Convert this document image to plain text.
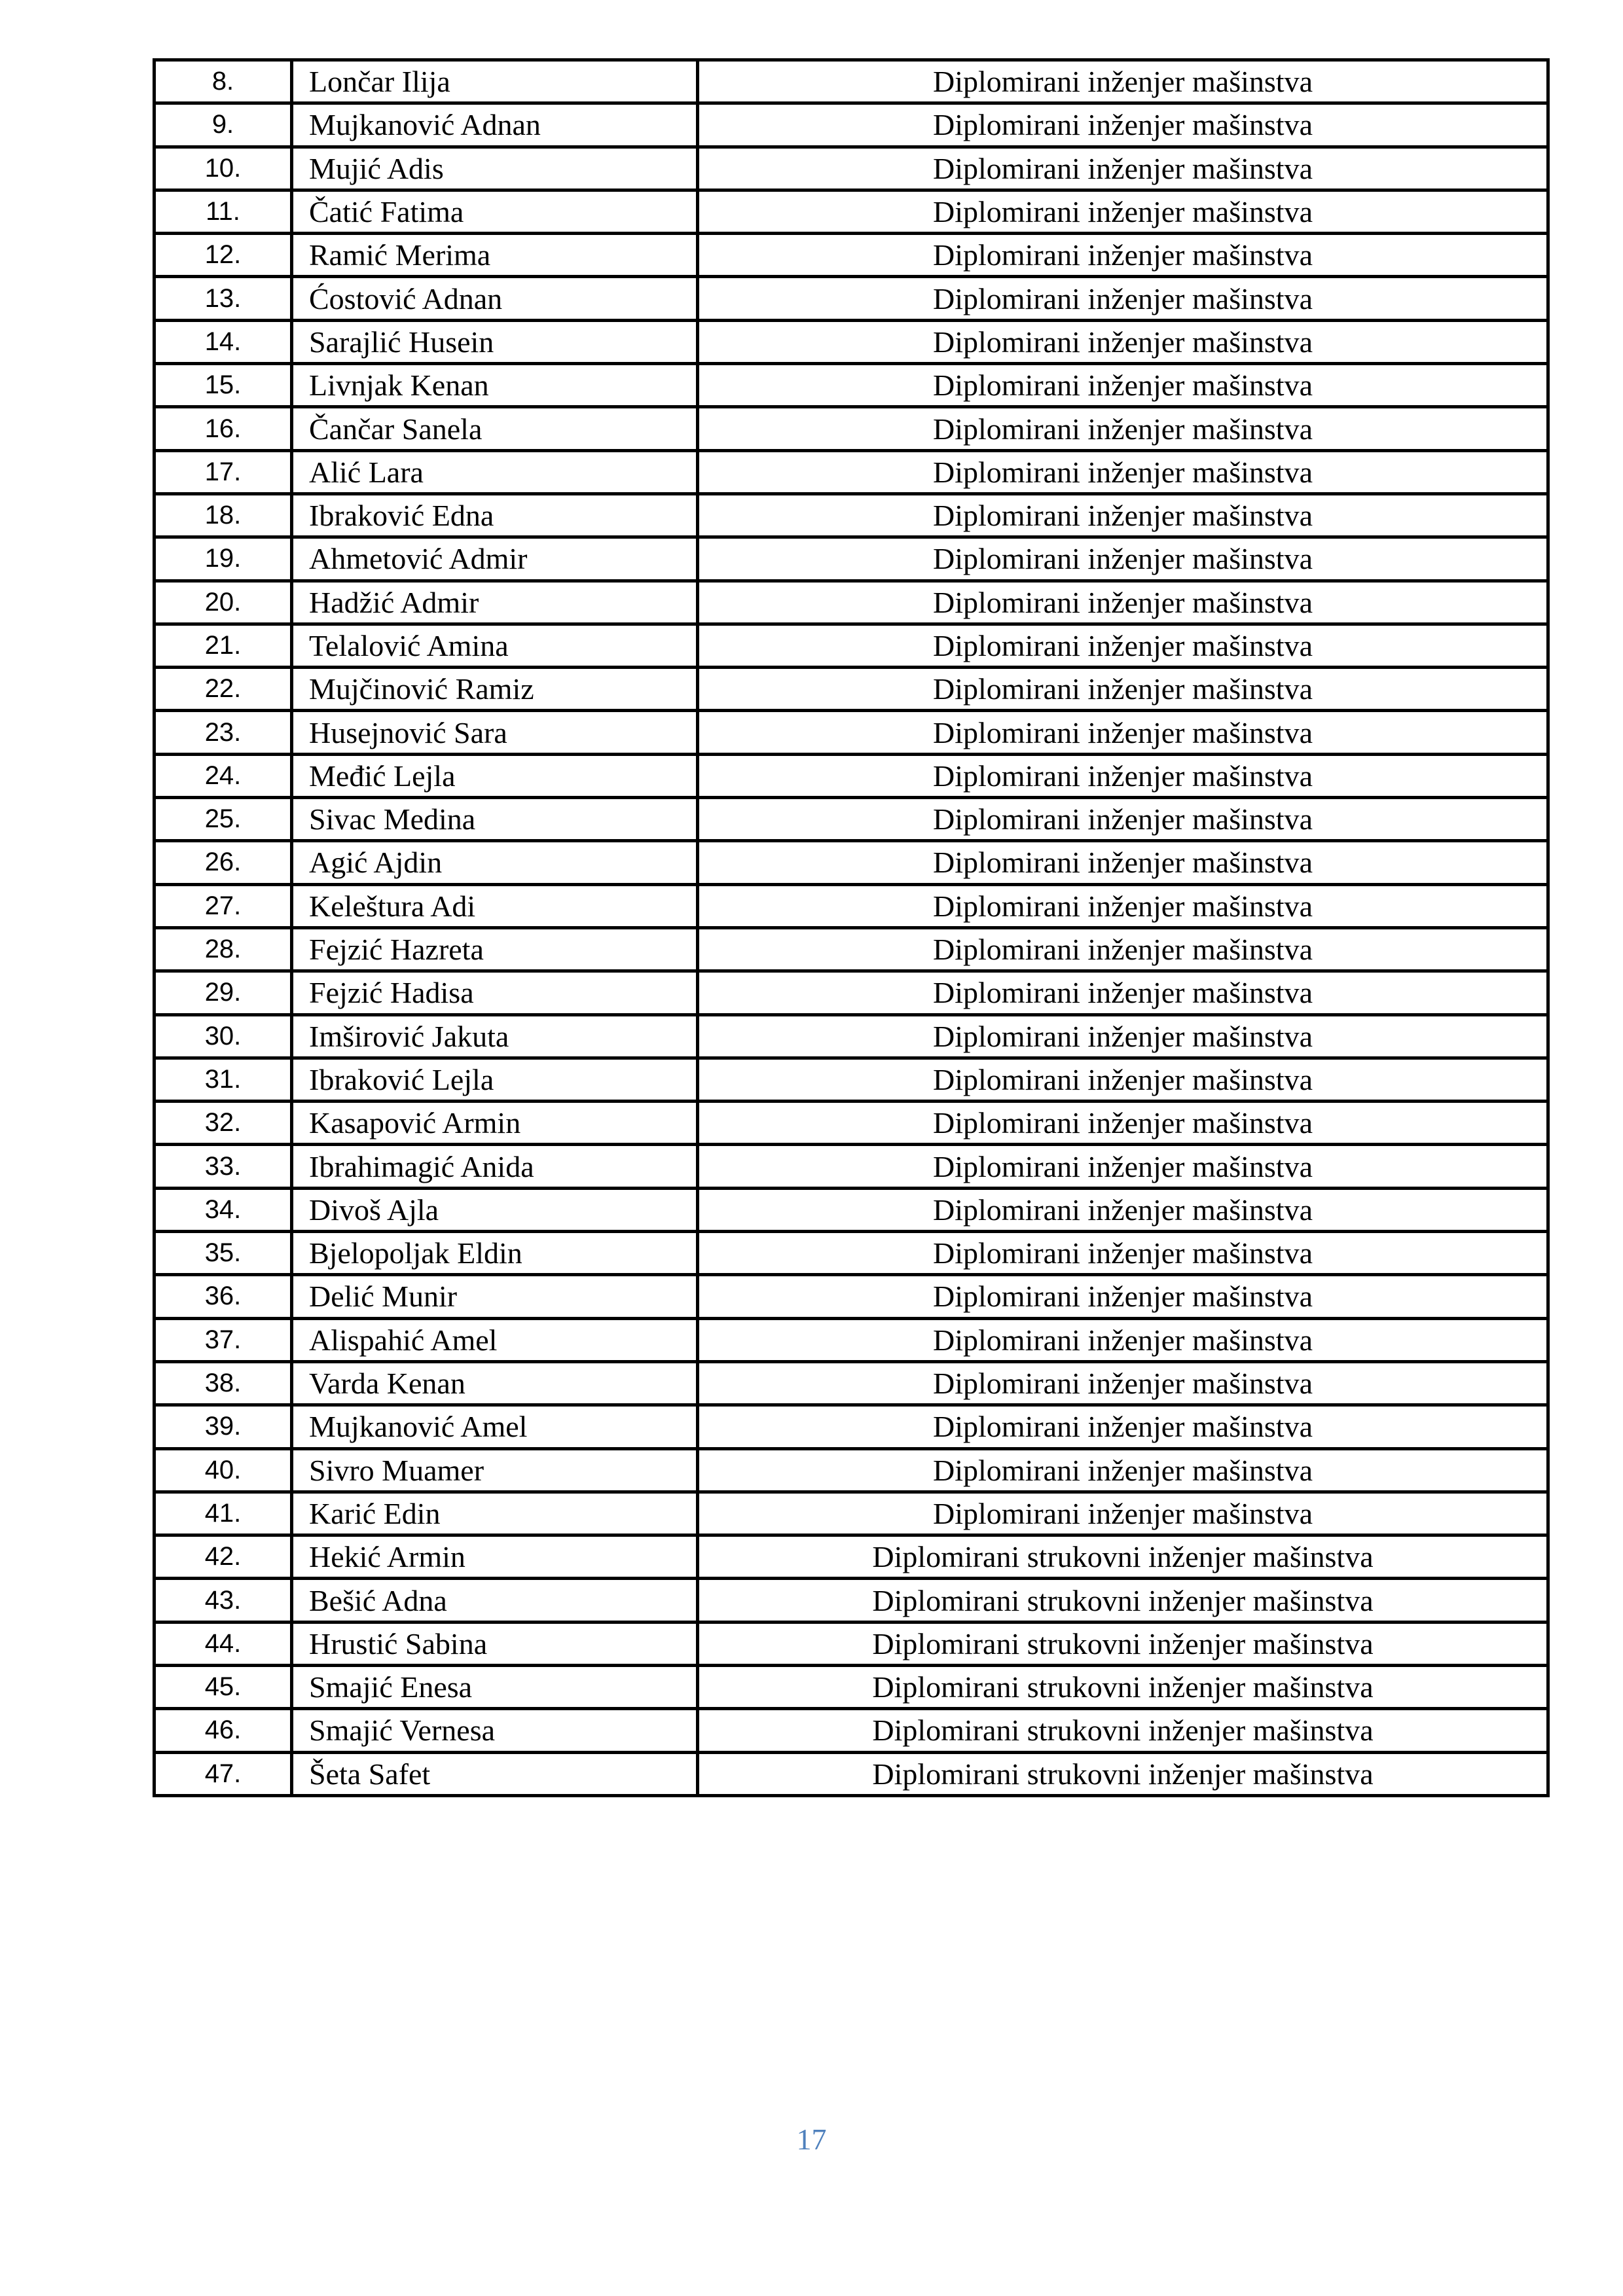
8.	Lončar Ilija	Diplomirani inženjer mašinstva
9.	Mujkanović Adnan	Diplomirani inženjer mašinstva
10.	Mujić Adis	Diplomirani inženjer mašinstva
11.	Čatić Fatima	Diplomirani inženjer mašinstva
12.	Ramić Merima	Diplomirani inženjer mašinstva
13.	Ćostović Adnan	Diplomirani inženjer mašinstva
14.	Sarajlić Husein	Diplomirani inženjer mašinstva
15.	Livnjak Kenan	Diplomirani inženjer mašinstva
16.	Čančar Sanela	Diplomirani inženjer mašinstva
17.	Alić Lara	Diplomirani inženjer mašinstva
18.	Ibraković Edna	Diplomirani inženjer mašinstva
19.	Ahmetović Admir	Diplomirani inženjer mašinstva
20.	Hadžić Admir	Diplomirani inženjer mašinstva
21.	Telalović Amina	Diplomirani inženjer mašinstva
22.	Mujčinović Ramiz	Diplomirani inženjer mašinstva
23.	Husejnović Sara	Diplomirani inženjer mašinstva
24.	Međić Lejla	Diplomirani inženjer mašinstva
25.	Sivac Medina	Diplomirani inženjer mašinstva
26.	Agić Ajdin	Diplomirani inženjer mašinstva
27.	Keleštura Adi	Diplomirani inženjer mašinstva
28.	Fejzić Hazreta	Diplomirani inženjer mašinstva
29.	Fejzić Hadisa	Diplomirani inženjer mašinstva
30.	Imširović Jakuta	Diplomirani inženjer mašinstva
31.	Ibraković Lejla	Diplomirani inženjer mašinstva
32.	Kasapović Armin	Diplomirani inženjer mašinstva
33.	Ibrahimagić Anida	Diplomirani inženjer mašinstva
34.	Divoš Ajla	Diplomirani inženjer mašinstva
35.	Bjelopoljak Eldin	Diplomirani inženjer mašinstva
36.	Delić Munir	Diplomirani inženjer mašinstva
37.	Alispahić Amel	Diplomirani inženjer mašinstva
38.	Varda Kenan	Diplomirani inženjer mašinstva
39.	Mujkanović Amel	Diplomirani inženjer mašinstva
40.	Sivro Muamer	Diplomirani inženjer mašinstva
41.	Karić Edin	Diplomirani inženjer mašinstva
42.	Hekić Armin	Diplomirani strukovni inženjer mašinstva
43.	Bešić Adna	Diplomirani strukovni inženjer mašinstva
44.	Hrustić Sabina	Diplomirani strukovni inženjer mašinstva
45.	Smajić Enesa	Diplomirani strukovni inženjer mašinstva
46.	Smajić Vernesa	Diplomirani strukovni inženjer mašinstva
47.	Šeta Safet	Diplomirani strukovni inženjer mašinstva
17
